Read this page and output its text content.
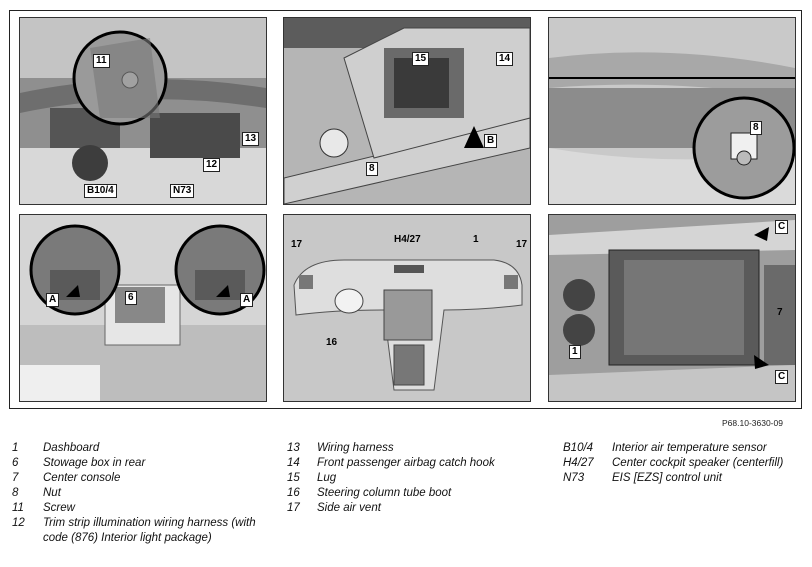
11
13
12
B10/4	N73
15	14
B
8
8
A	6	A
17	H4/27	1	17
16
C
1
7
C
P68.10-3630-09
1	Dashboard
6	Stowage box in rear
7	Center console
8	Nut
11	Screw
12	Trim strip illumination wiring harness (with code (876) Interior light package)
13	Wiring harness
14	Front passenger airbag catch hook
15	Lug
16	Steering column tube boot
17	Side air vent
B10/4	Interior air temperature sensor
H4/27	Center cockpit speaker (centerfill)
N73	EIS [EZS] control unit
